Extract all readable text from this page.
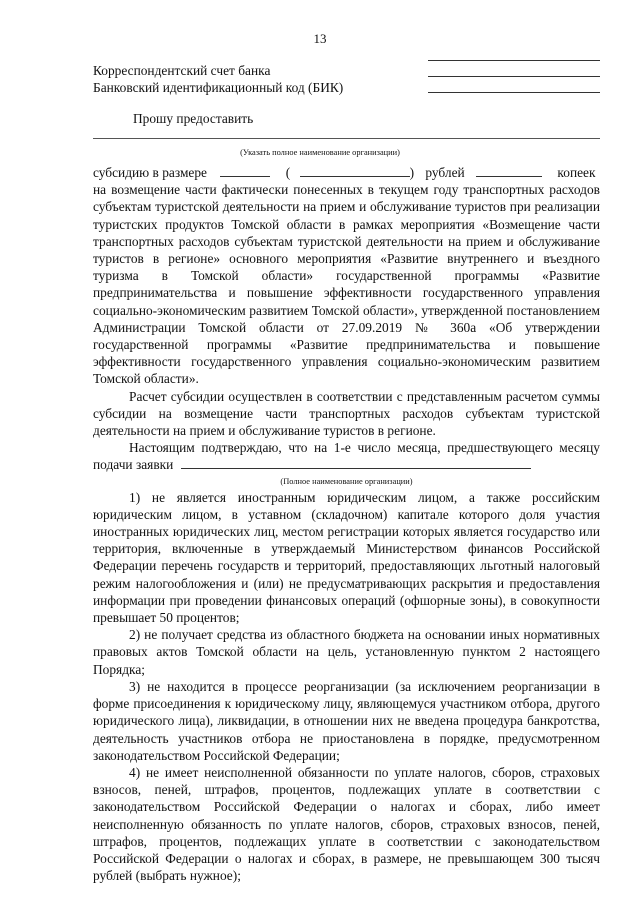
13
Корреспондентский счет банка
Банковский идентификационный код (БИК)
Прошу предоставить
(Указать полное наименование организации)

субсидию в размере	(	) рублей	копеек

на возмещение части фактически понесенных в текущем году транспортных расходов субъектам туристской деятельности на прием и обслуживание туристов при реализации туристских продуктов Томской области в рамках мероприятия «Возмещение части транспортных расходов субъектам туристской деятельности на прием и обслуживание туристов в регионе» основного мероприятия «Развитие внутреннего и въездного туризма в Томской области» государственной программы «Развитие предпринимательства и повышение эффективности государственного управления социально-экономическим развитием Томской области», утвержденной постановлением Администрации Томской области от 27.09.2019 № 360а «Об утверждении государственной программы «Развитие предпринимательства и повышение эффективности государственного управления социально-экономическим развитием Томской области».

Расчет субсидии осуществлен в соответствии с представленным расчетом суммы субсидии на возмещение части транспортных расходов субъектам туристской деятельности на прием и обслуживание туристов в регионе.

Настоящим подтверждаю, что на 1-е число месяца, предшествующего месяцу подачи заявки

(Полное наименование организации)

1) не является иностранным юридическим лицом, а также российским юридическим лицом, в уставном (складочном) капитале которого доля участия иностранных юридических лиц, местом регистрации которых является государство или территория, включенные в утверждаемый Министерством финансов Российской Федерации перечень государств и территорий, предоставляющих льготный налоговый режим налогообложения и (или) не предусматривающих раскрытия и предоставления информации при проведении финансовых операций (офшорные зоны), в совокупности превышает 50 процентов;

2) не получает средства из областного бюджета на основании иных нормативных правовых актов Томской области на цель, установленную пунктом 2 настоящего Порядка;

3) не находится в процессе реорганизации (за исключением реорганизации в форме присоединения к юридическому лицу, являющемуся участником отбора, другого юридического лица), ликвидации, в отношении них не введена процедура банкротства, деятельность участников отбора не приостановлена в порядке, предусмотренном законодательством Российской Федерации;

4) не имеет неисполненной обязанности по уплате налогов, сборов, страховых взносов, пеней, штрафов, процентов, подлежащих уплате в соответствии с законодательством Российской Федерации о налогах и сборах, либо имеет неисполненную обязанность по уплате налогов, сборов, страховых взносов, пеней, штрафов, процентов, подлежащих уплате в соответствии с законодательством Российской Федерации о налогах и сборах, в размере, не превышающем 300 тысяч рублей (выбрать нужное);
